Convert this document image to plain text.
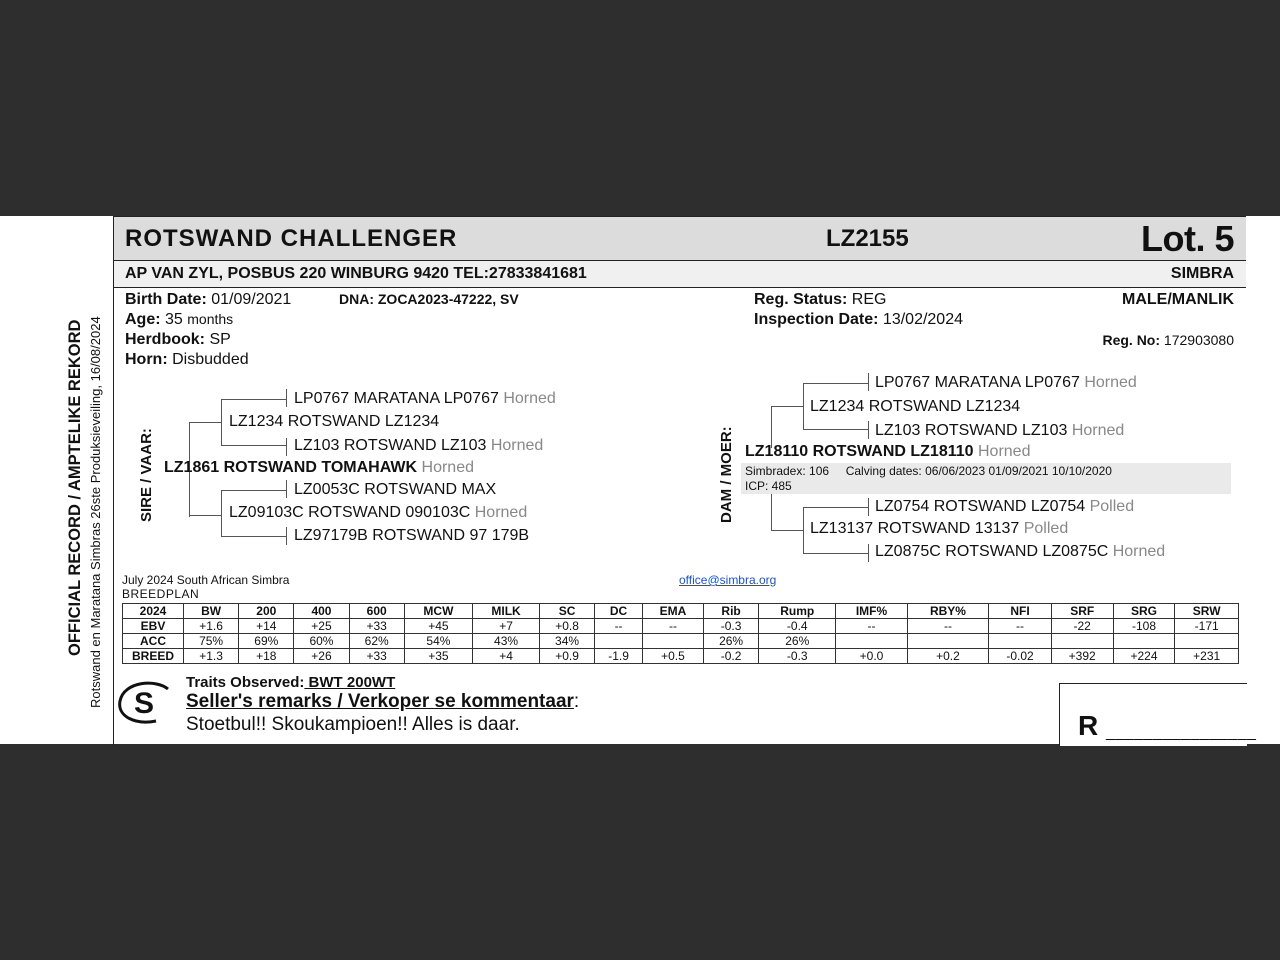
OFFICIAL RECORD / AMPTELIKE REKORD Rotswand en Maratana Simbras 26ste Produksieveiling, 16/08/2024
ROTSWAND CHALLENGER	LZ2155	Lot. 5
AP VAN ZYL, POSBUS 220 WINBURG 9420 TEL:27833841681	SIMBRA
Birth Date: 01/09/2021	DNA: ZOCA2023-47222, SV
Age: 35 months
Herdbook: SP
Horn: Disbudded
Reg. Status: REG
Inspection Date: 13/02/2024
MALE/MANLIK
Reg. No: 172903080
SIRE / VAAR:
LP0767 MARATANA LP0767 Horned
LZ1234 ROTSWAND LZ1234
LZ103 ROTSWAND LZ103 Horned
LZ1861 ROTSWAND TOMAHAWK Horned
LZ0053C ROTSWAND MAX
LZ09103C ROTSWAND 090103C Horned
LZ97179B ROTSWAND 97 179B
DAM / MOER:
LP0767 MARATANA LP0767 Horned
LZ1234 ROTSWAND LZ1234
LZ103 ROTSWAND LZ103 Horned
LZ18110 ROTSWAND LZ18110 Horned
Simbradex: 106 Calving dates: 06/06/2023 01/09/2021 10/10/2020
ICP: 485
LZ0754 ROTSWAND LZ0754 Polled
LZ13137 ROTSWAND 13137 Polled
LZ0875C ROTSWAND LZ0875C Horned
July 2024 South African Simbra
BREEDPLAN
office@simbra.org
2024	BW	200	400	600	MCW	MILK	SC	DC	EMA	Rib	Rump	IMF%	RBY%	NFI	SRF	SRG	SRW
EBV	+1.6	+14	+25	+33	+45	+7	+0.8	--	--	-0.3	-0.4	--	--	--	-22	-108	-171
ACC	75%	69%	60%	62%	54%	43%	34%			26%	26%						
BREED	+1.3	+18	+26	+33	+35	+4	+0.9	-1.9	+0.5	-0.2	-0.3	+0.0	+0.2	-0.02	+392	+224	+231
S
Traits Observed: BWT 200WT
Seller's remarks / Verkoper se kommentaar:
Stoetbul!! Skoukampioen!! Alles is daar.	R ________________
